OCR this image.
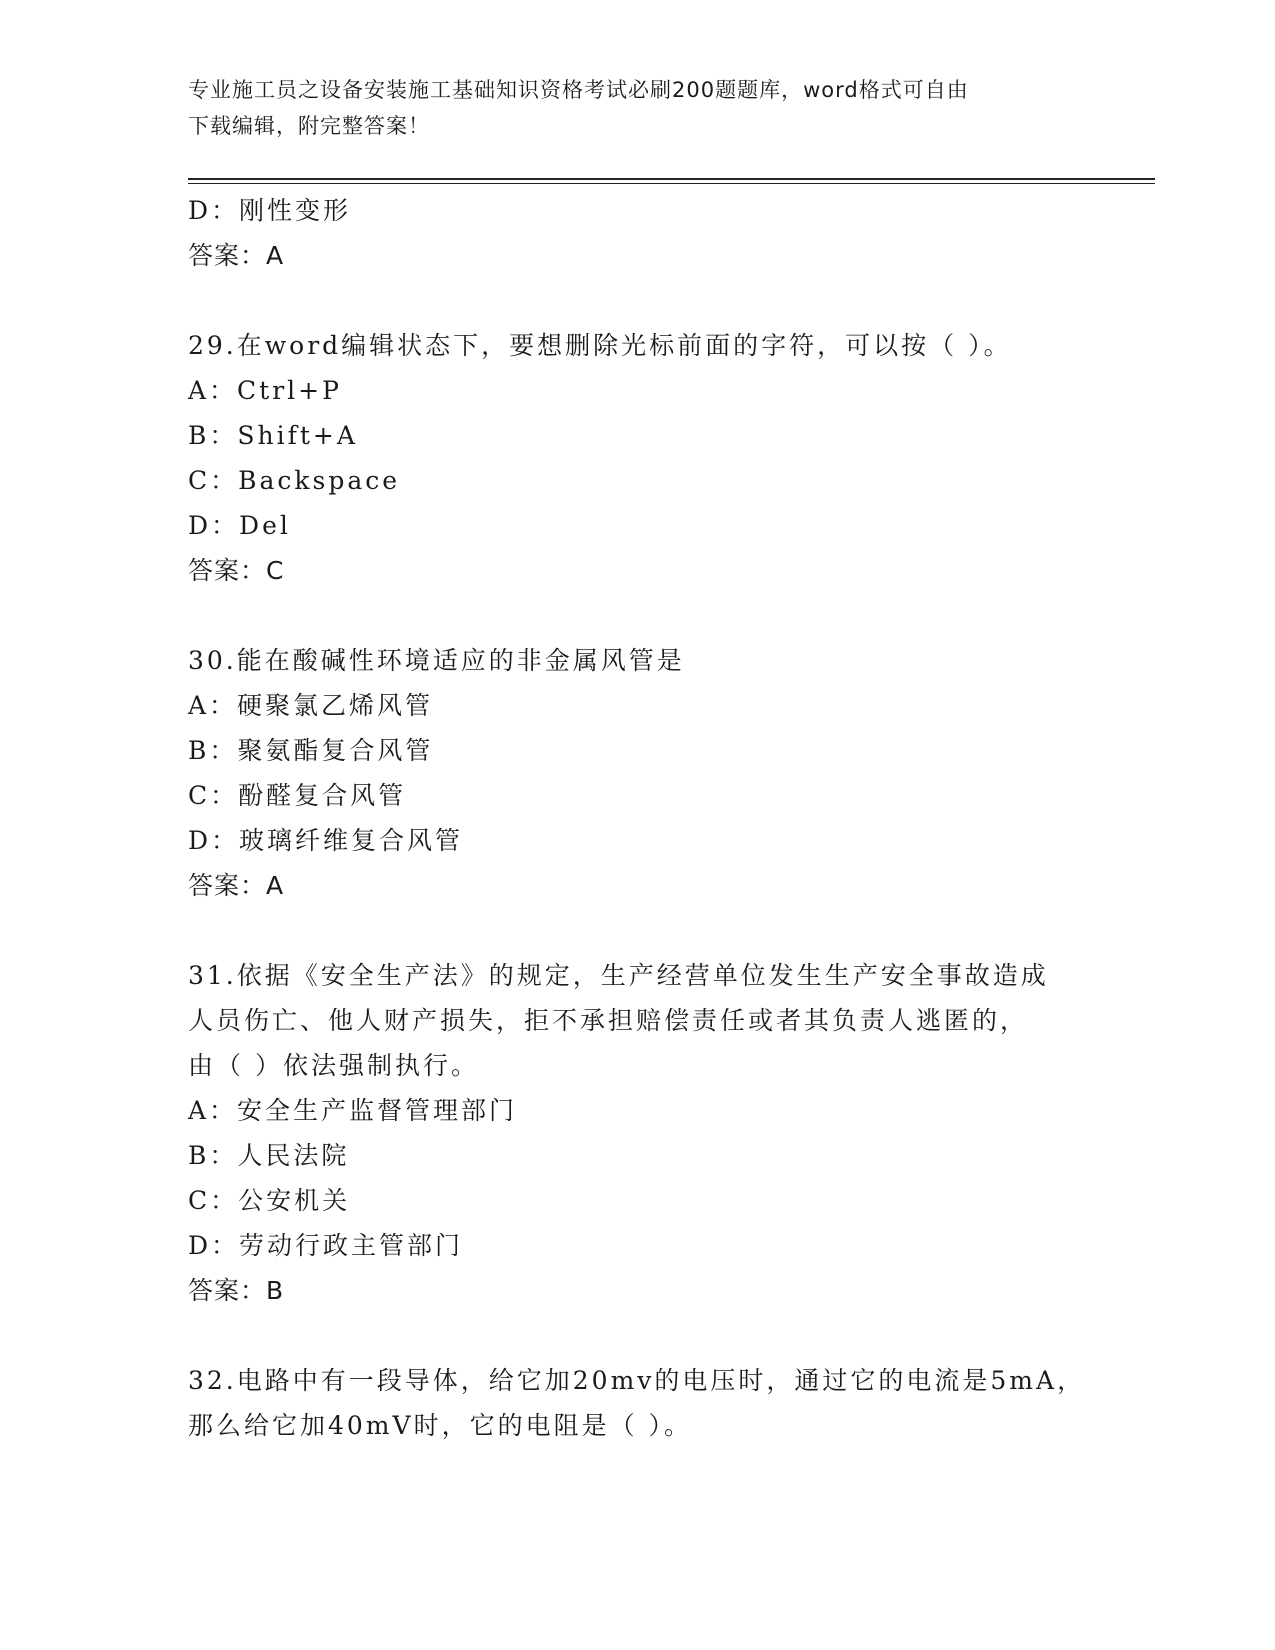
专业施工员之设备安装施工基础知识资格考试必刷200题题库，word格式可自由
下载编辑，附完整答案！
D：刚性变形
答案：A
29.在word编辑状态下，要想删除光标前面的字符，可以按（ ）。
A：Ctrl+P
B：Shift+A
C：Backspace
D：Del
答案：C
30.能在酸碱性环境适应的非金属风管是
A：硬聚氯乙烯风管
B：聚氨酯复合风管
C：酚醛复合风管
D：玻璃纤维复合风管
答案：A
31.依据《安全生产法》的规定，生产经营单位发生生产安全事故造成
人员伤亡、他人财产损失，拒不承担赔偿责任或者其负责人逃匿的，
由（ ）依法强制执行。
A：安全生产监督管理部门
B：人民法院
C：公安机关
D：劳动行政主管部门
答案：B
32.电路中有一段导体，给它加20mv的电压时，通过它的电流是5mA，
那么给它加40mV时，它的电阻是（ ）。
